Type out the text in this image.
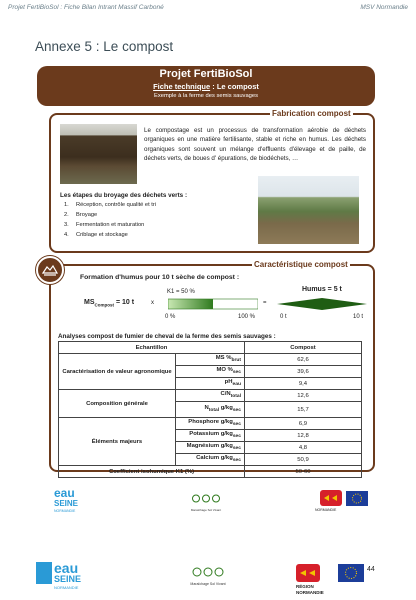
Projet FertiBioSol : Fiche Bilan Intrant Massif Carboné	MSV Normandie
Annexe 5 : Le compost
Projet FertiBioSol
Fiche technique : Le compost
Exemple à la ferme des semis sauvages
Fabrication compost
Le compostage est un processus de transformation aérobie de déchets organiques en une matière fertilisante, stable et riche en humus. Les déchets organiques sont souvent un mélange d'effluents d'élevage et de paille, de déchets verts, de boues d' épurations, de biodéchets, …
Les étapes du broyage des déchets verts :
1. Réception, contrôle qualité et tri
2. Broyage
3. Fermentation et maturation
4. Criblage et stockage
Caractéristique compost
Formation d'humus pour 10 t sèche de compost :
$MS_{Compost} = 10$ t	x
K1 = 50 %
0 %	100 %
=
Humus = 5 t
0 t	10 t
Analyses compost de fumier de cheval de la ferme des semis sauvages :
Echantillon		Compost
Caractérisation de valeur agronomique	MS $\%_{brut}$	62,6
	MO $\%_{sec}$	39,6
	$pH_{eau}$	9,4
Composition générale	$C/N_{total}$	12,6
	$N_{total}$ $g/kg_{sec}$	15,7
Éléments majeurs	Phosphore $g/kg_{sec}$	6,9
	Potassium $g/kg_{sec}$	12,8
	Magnésium $g/kg_{sec}$	4,8
	Calcium $g/kg_{sec}$	50,9
Coefficient isohumique K1 (%)		50-60
eau
SEINE
NORMANDIE	Maraîchage Sol Vivant	NORMANDIE
eau
SEINE
NORMANDIE
Maraîchage Sol Vivant	RÉGION
NORMANDIE
44
